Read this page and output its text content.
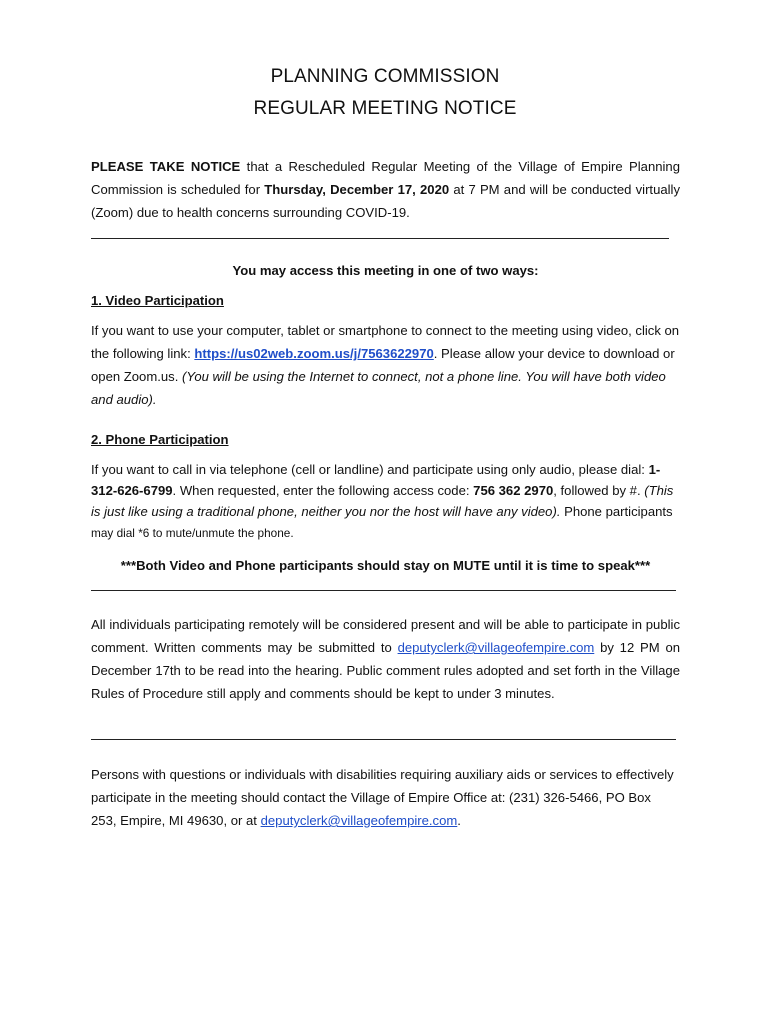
PLANNING COMMISSION
REGULAR MEETING NOTICE
PLEASE TAKE NOTICE that a Rescheduled Regular Meeting of the Village of Empire Planning Commission is scheduled for Thursday, December 17, 2020 at 7 PM and will be conducted virtually (Zoom) due to health concerns surrounding COVID-19.
You may access this meeting in one of two ways:
1. Video Participation
If you want to use your computer, tablet or smartphone to connect to the meeting using video, click on the following link: https://us02web.zoom.us/j/7563622970. Please allow your device to download or open Zoom.us. (You will be using the Internet to connect, not a phone line. You will have both video and audio).
2. Phone Participation
If you want to call in via telephone (cell or landline) and participate using only audio, please dial: 1-312-626-6799. When requested, enter the following access code: 756 362 2970, followed by #. (This is just like using a traditional phone, neither you nor the host will have any video). Phone participants may dial *6 to mute/unmute the phone.
***Both Video and Phone participants should stay on MUTE until it is time to speak***
All individuals participating remotely will be considered present and will be able to participate in public comment. Written comments may be submitted to deputyclerk@villageofempire.com by 12 PM on December 17th to be read into the hearing. Public comment rules adopted and set forth in the Village Rules of Procedure still apply and comments should be kept to under 3 minutes.
Persons with questions or individuals with disabilities requiring auxiliary aids or services to effectively participate in the meeting should contact the Village of Empire Office at: (231) 326-5466, PO Box 253, Empire, MI 49630, or at deputyclerk@villageofempire.com.
